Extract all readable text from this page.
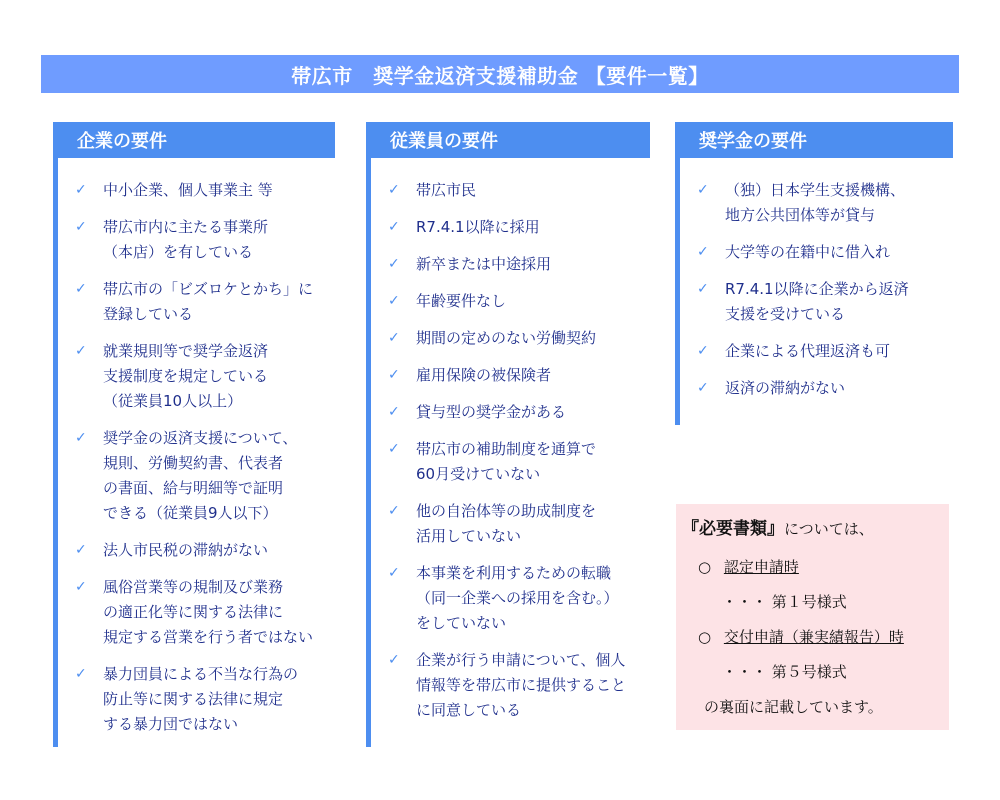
帯広市　奨学金返済支援補助金 【要件一覧】
企業の要件
✓	中小企業、個人事業主 等
✓	帯広市内に主たる事業所
（本店）を有している
✓	帯広市の「ビズロケとかち」に
登録している
✓	就業規則等で奨学金返済
支援制度を規定している
（従業員10人以上）
✓	奨学金の返済支援について、
規則、労働契約書、代表者
の書面、給与明細等で証明
できる（従業員9人以下）
✓	法人市民税の滞納がない
✓	風俗営業等の規制及び業務
の適正化等に関する法律に
規定する営業を行う者ではない
✓	暴力団員による不当な行為の
防止等に関する法律に規定
する暴力団ではない
従業員の要件
✓	帯広市民
✓	R7.4.1以降に採用
✓	新卒または中途採用
✓	年齢要件なし
✓	期間の定めのない労働契約
✓	雇用保険の被保険者
✓	貸与型の奨学金がある
✓	帯広市の補助制度を通算で
60月受けていない
✓	他の自治体等の助成制度を
活用していない
✓	本事業を利用するための転職
（同一企業への採用を含む。）
をしていない
✓	企業が行う申請について、個人
情報等を帯広市に提供すること
に同意している
奨学金の要件
✓	（独）日本学生支援機構、
地方公共団体等が貸与
✓	大学等の在籍中に借入れ
✓	R7.4.1以降に企業から返済
支援を受けている
✓	企業による代理返済も可
✓	返済の滞納がない
『必要書類』については、
○ 認定申請時
・・・ 第１号様式
○ 交付申請（兼実績報告）時
・・・ 第５号様式
の裏面に記載しています。
